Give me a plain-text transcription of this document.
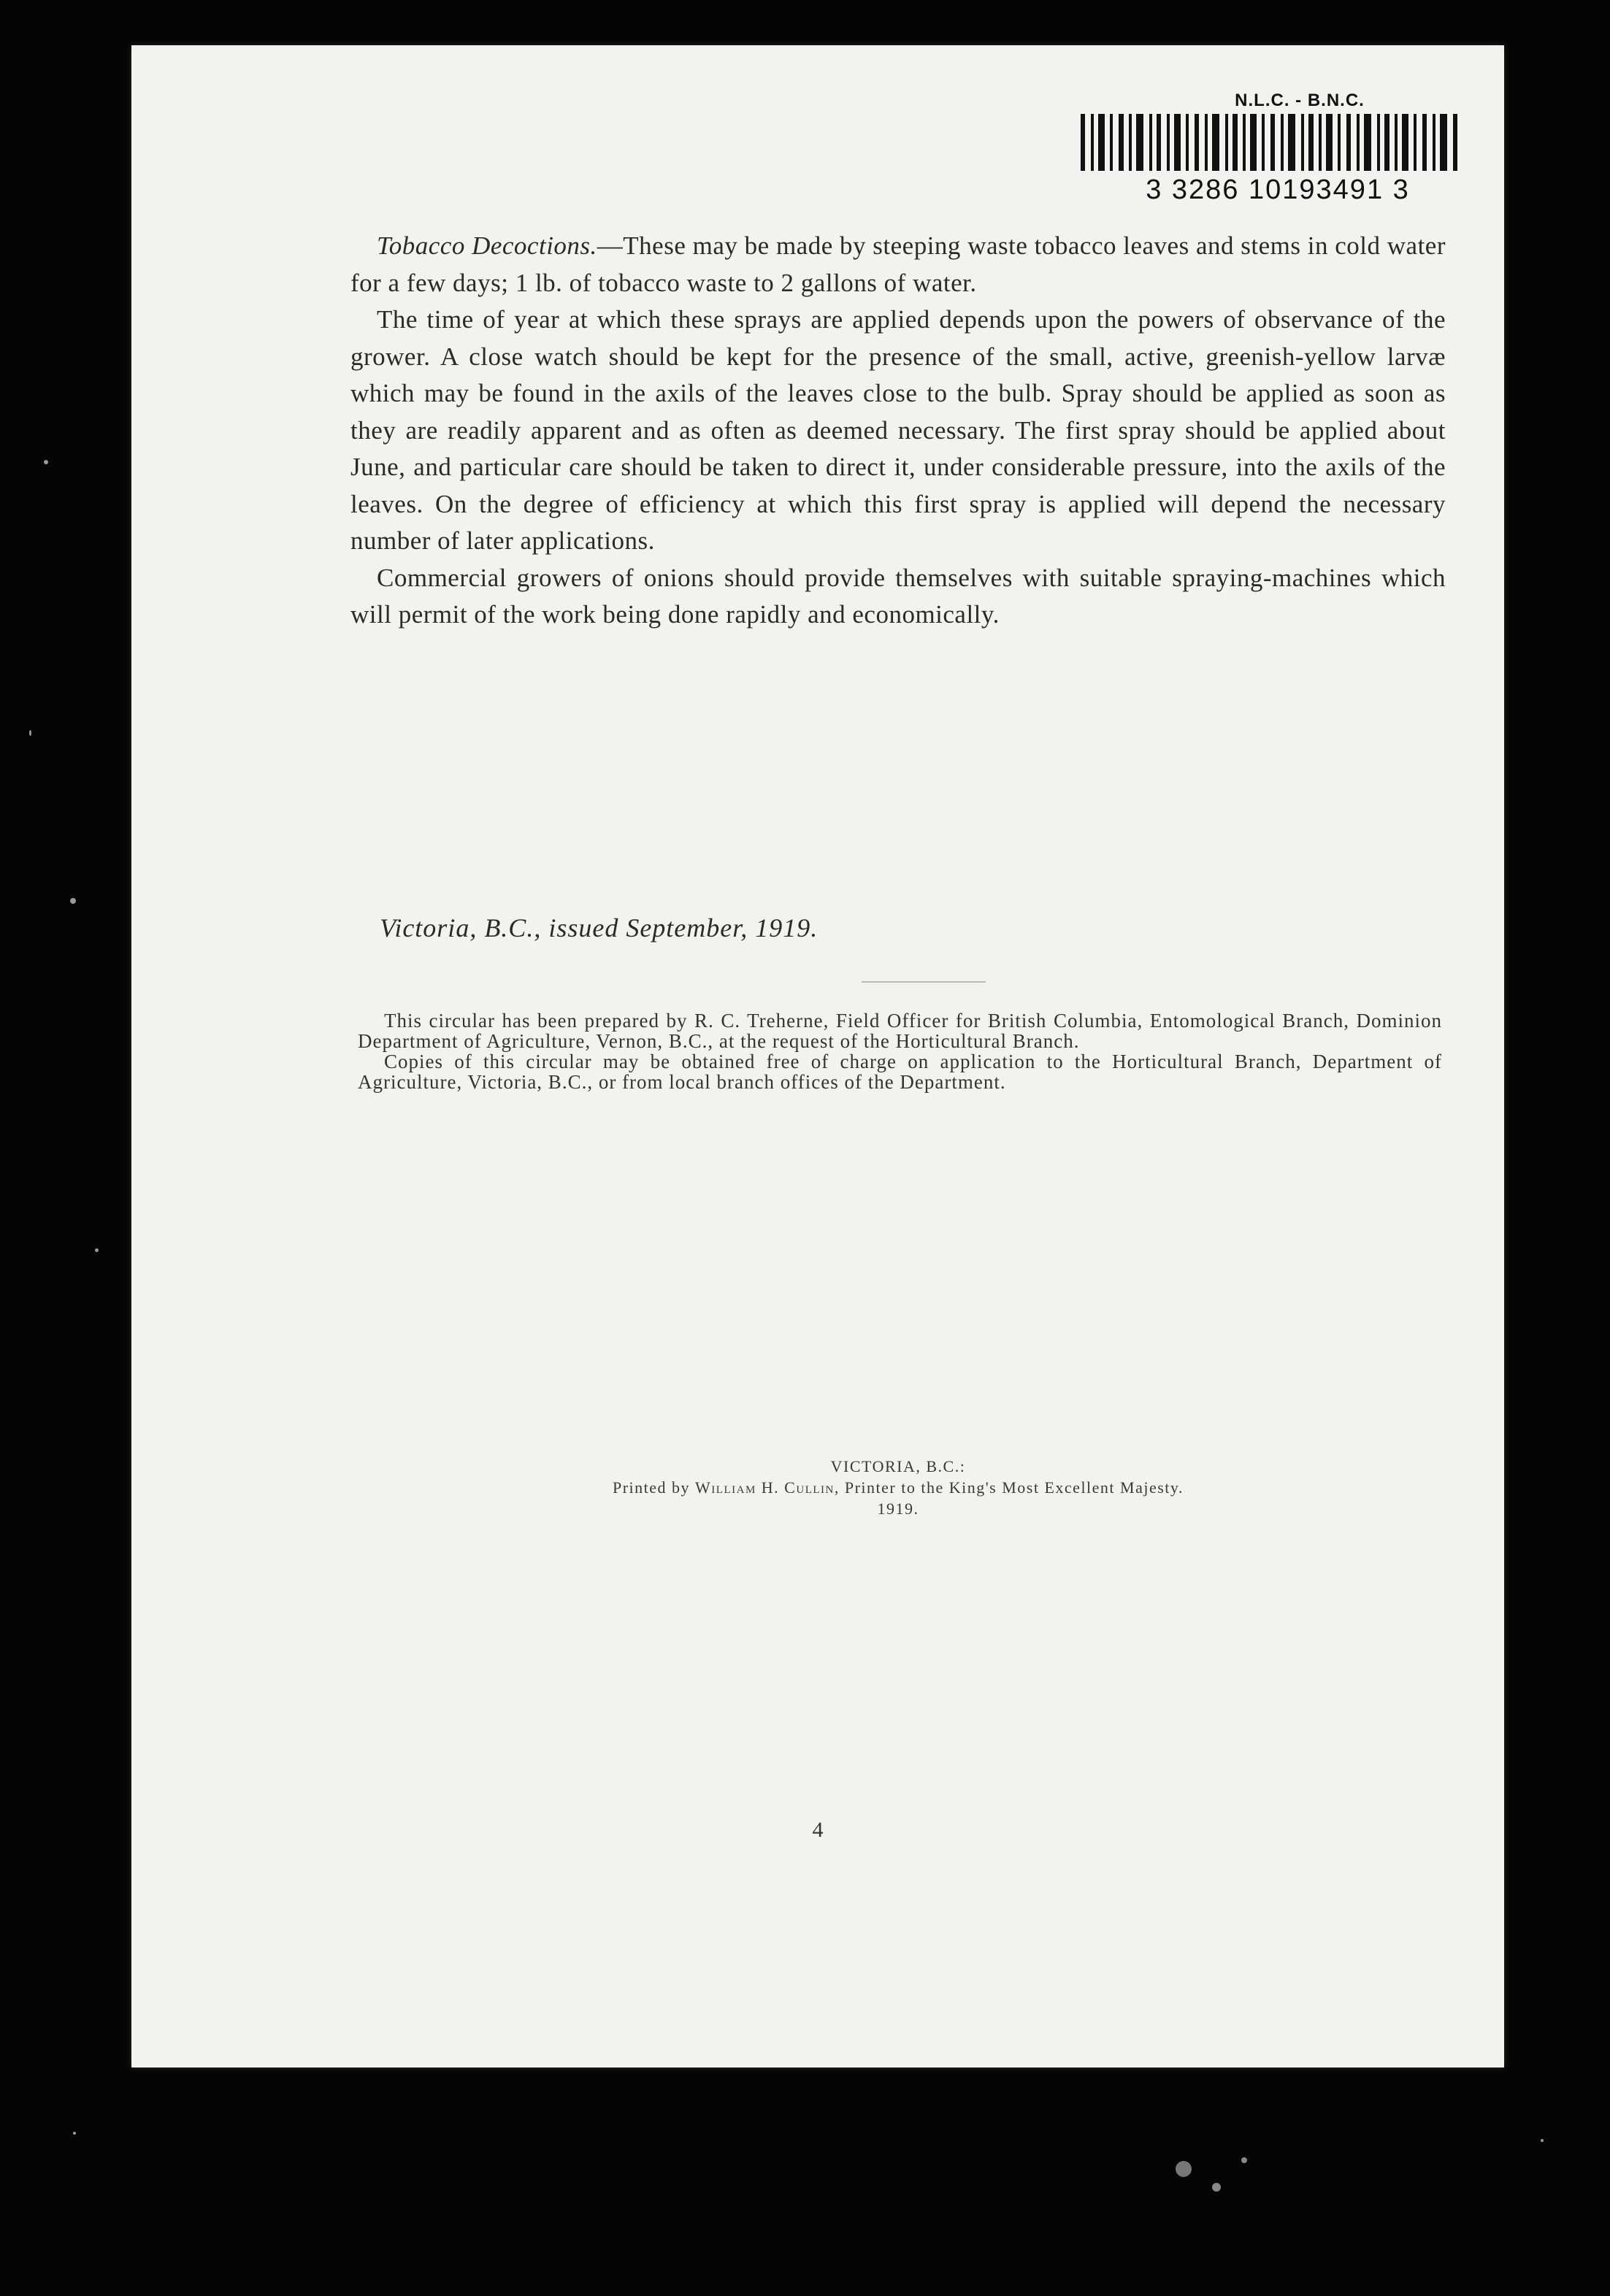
N.L.C. - B.N.C.
3 3286 10193491 3

Tobacco Decoctions.—These may be made by steeping waste tobacco leaves and stems in cold water for a few days; 1 lb. of tobacco waste to 2 gallons of water.

The time of year at which these sprays are applied depends upon the powers of observance of the grower. A close watch should be kept for the presence of the small, active, greenish-yellow larvæ which may be found in the axils of the leaves close to the bulb. Spray should be applied as soon as they are readily apparent and as often as deemed necessary. The first spray should be applied about June, and particular care should be taken to direct it, under considerable pressure, into the axils of the leaves. On the degree of efficiency at which this first spray is applied will depend the necessary number of later applications.

Commercial growers of onions should provide themselves with suitable spraying-machines which will permit of the work being done rapidly and economically.

Victoria, B.C., issued September, 1919.

This circular has been prepared by R. C. Treherne, Field Officer for British Columbia, Entomological Branch, Dominion Department of Agriculture, Vernon, B.C., at the request of the Horticultural Branch.

Copies of this circular may be obtained free of charge on application to the Horticultural Branch, Department of Agriculture, Victoria, B.C., or from local branch offices of the Department.

VICTORIA, B.C.:
Printed by William H. Cullin, Printer to the King's Most Excellent Majesty.
1919.
4
